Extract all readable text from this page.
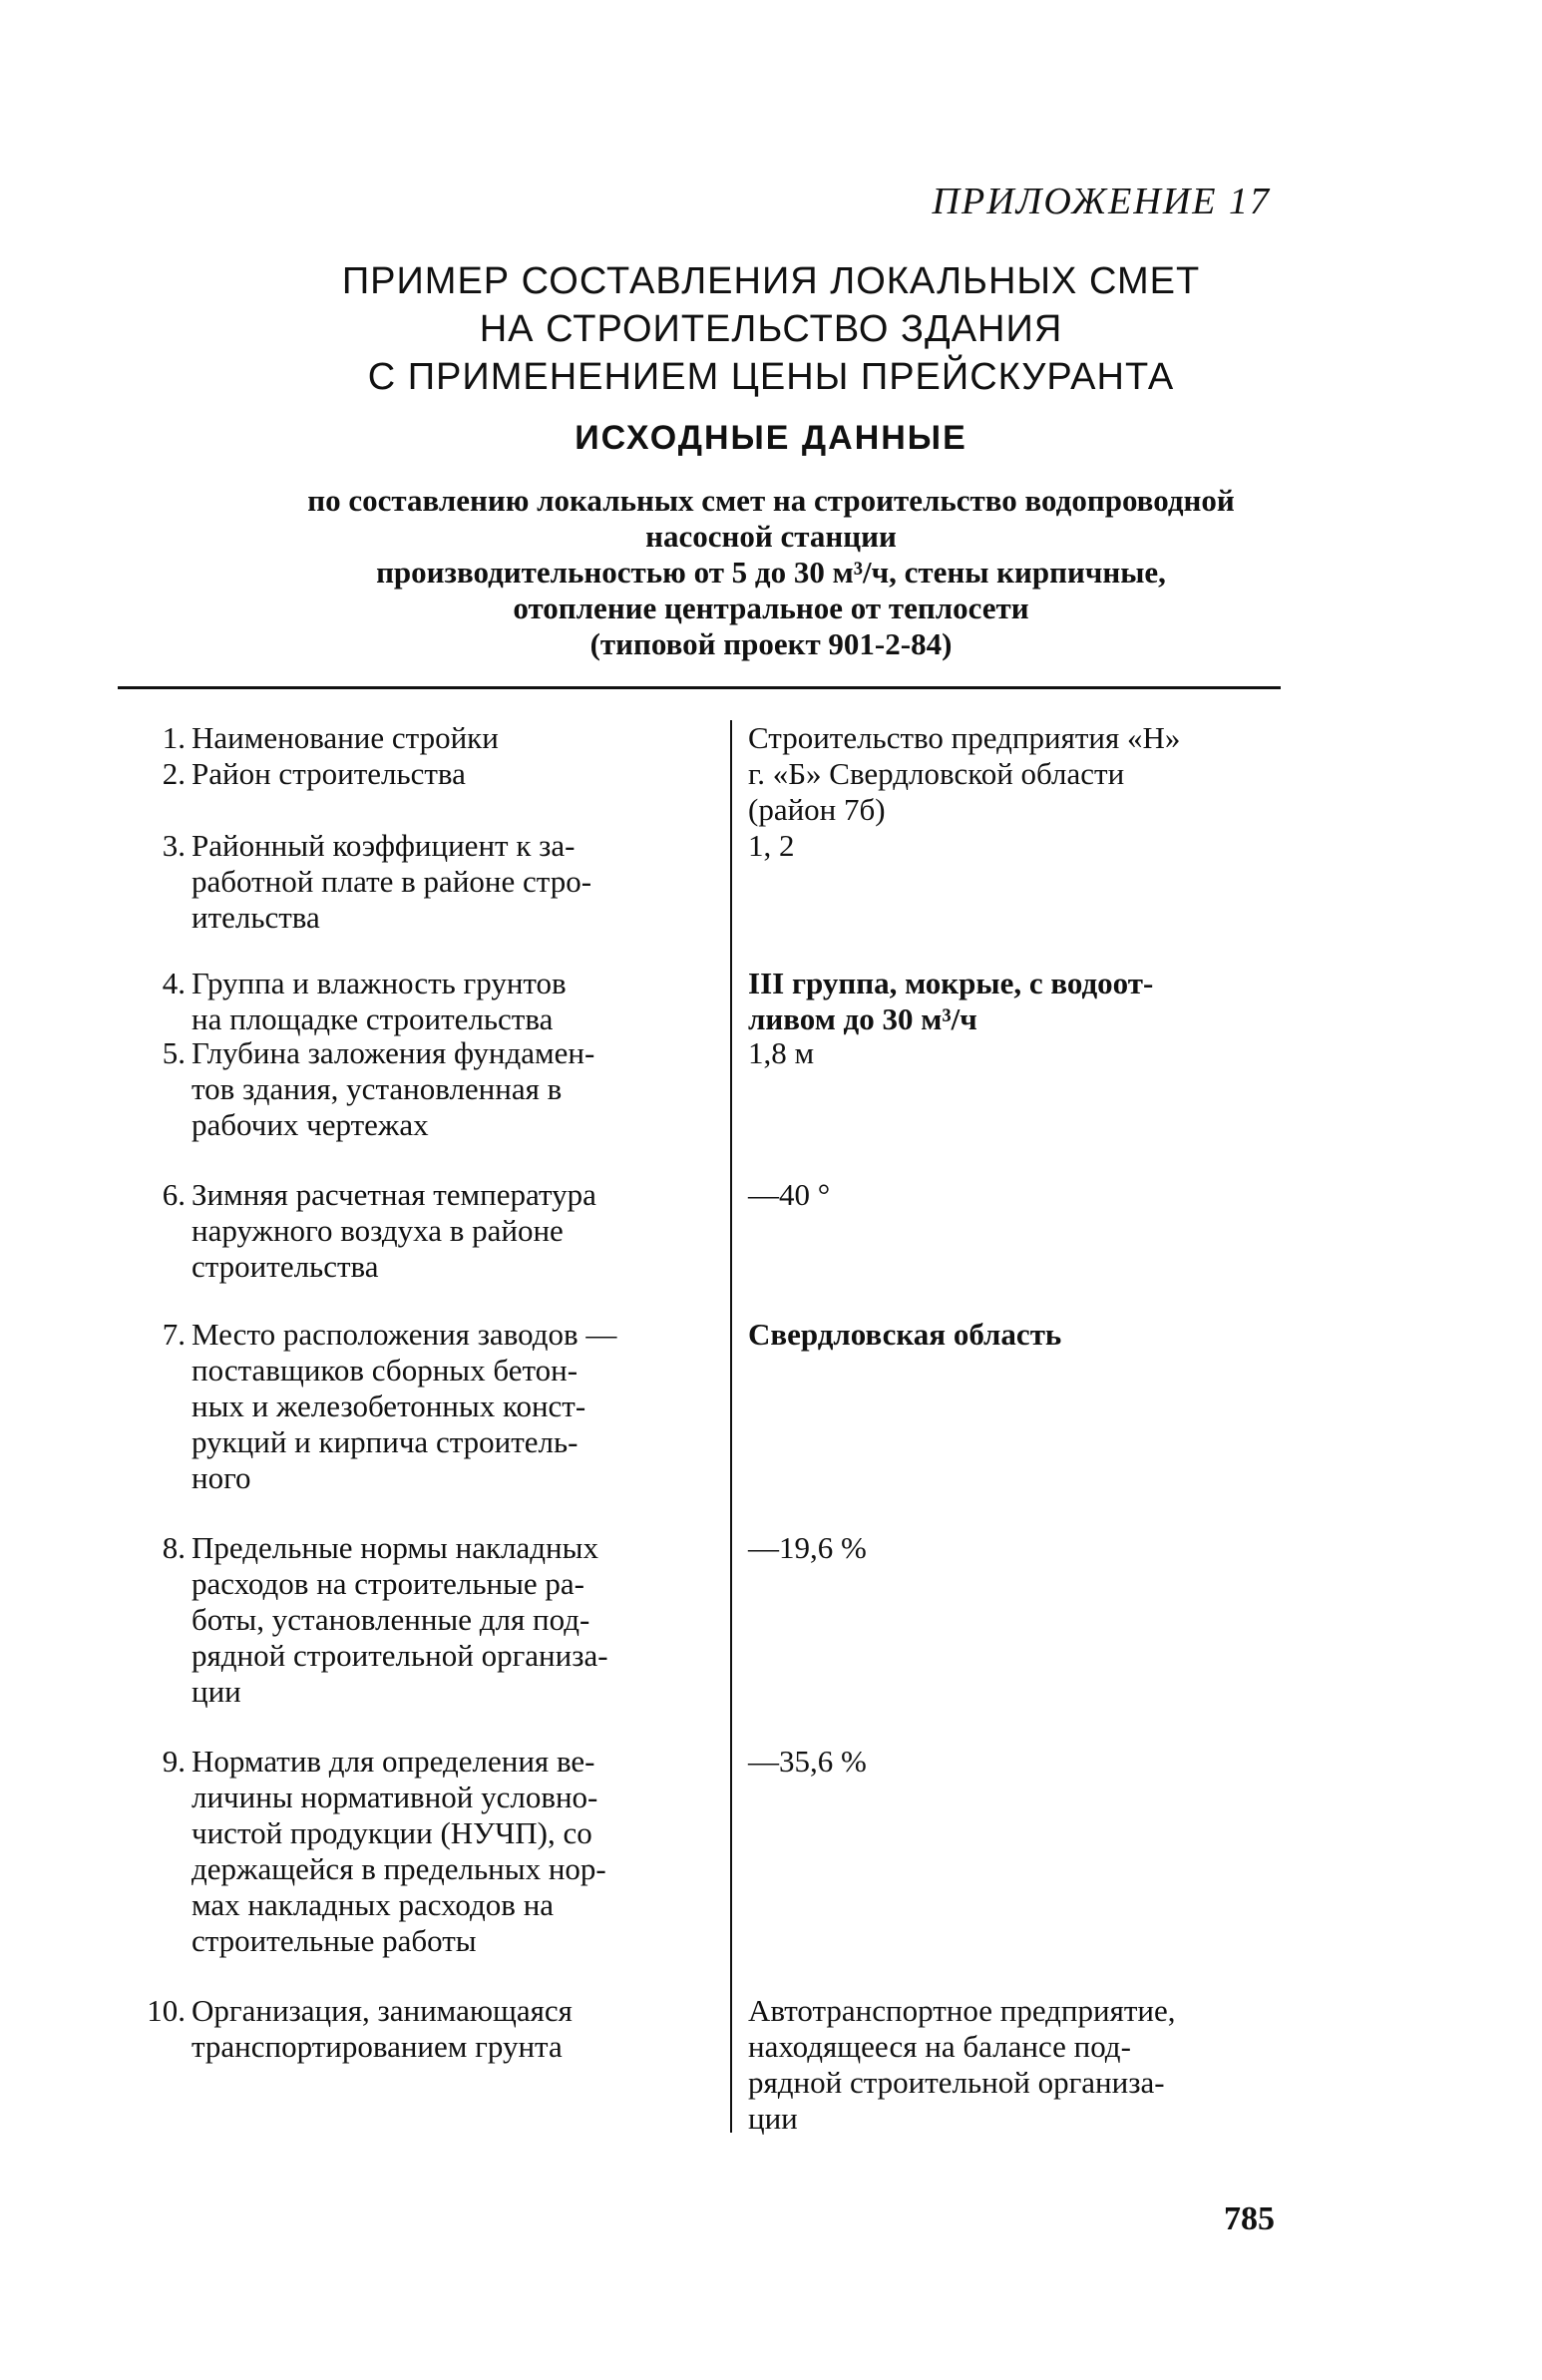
ПРИЛОЖЕНИЕ 17
ПРИМЕР СОСТАВЛЕНИЯ ЛОКАЛЬНЫХ СМЕТ
НА СТРОИТЕЛЬСТВО ЗДАНИЯ
С ПРИМЕНЕНИЕМ ЦЕНЫ ПРЕЙСКУРАНТА
ИСХОДНЫЕ ДАННЫЕ
по составлению локальных смет на строительство водопроводной
насосной станции
производительностью от 5 до 30 м³/ч, стены кирпичные,
отопление центральное от теплосети
(типовой проект 901-2-84)
1. Наименование стройки	Строительство предприятия «Н»
2. Район строительства	г. «Б» Свердловской области
(район 7б)
3. Районный коэффициент к за-
работной плате в районе стро-
ительства
1, 2
4. Группа и влажность грунтов
на площадке строительства
III группа, мокрые, с водоот-
ливом до 30 м³/ч
5. Глубина заложения фундамен-
тов здания, установленная в
рабочих чертежах
1,8 м
6. Зимняя расчетная температура
наружного воздуха в районе
строительства
—40 °
7. Место расположения заводов —
поставщиков сборных бетон-
ных и железобетонных конст-
рукций и кирпича строитель-
ного
Свердловская область
8. Предельные нормы накладных
расходов на строительные ра-
боты, установленные для под-
рядной строительной организа-
ции
—19,6 %
9. Норматив для определения ве-
личины нормативной условно-
чистой продукции (НУЧП), со
держащейся в предельных нор-
мах накладных расходов на
строительные работы
—35,6 %
10. Организация, занимающаяся
транспортированием грунта
Автотранспортное предприятие,
находящееся на балансе под-
рядной строительной организа-
ции
785
